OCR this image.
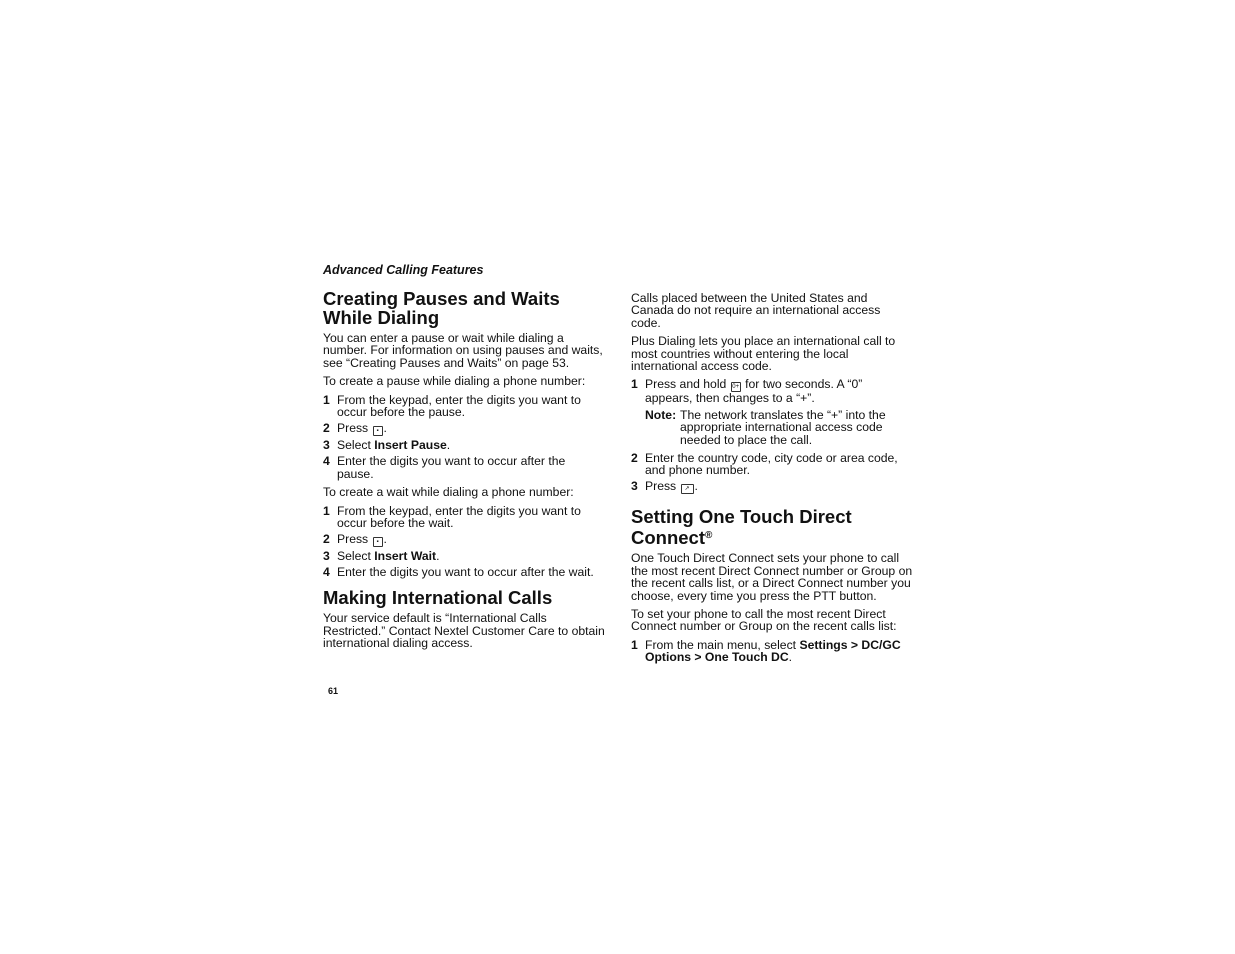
Advanced Calling Features
Creating Pauses and Waits While Dialing

You can enter a pause or wait while dialing a number. For information on using pauses and waits, see “Creating Pauses and Waits” on page 53.

To create a pause while dialing a phone number:

1 From the keypad, enter the digits you want to occur before the pause.
2 Press ▪ .
3 Select Insert Pause.
4 Enter the digits you want to occur after the pause.

To create a wait while dialing a phone number:

1 From the keypad, enter the digits you want to occur before the wait.
2 Press ▪ .
3 Select Insert Wait.
4 Enter the digits you want to occur after the wait.
Making International Calls

Your service default is “International Calls Restricted.” Contact Nextel Customer Care to obtain international dialing access.

Calls placed between the United States and Canada do not require an international access code.

Plus Dialing lets you place an international call to most countries without entering the local international access code.

1 Press and hold 0+ for two seconds. A “0” appears, then changes to a “+”.
Note: The network translates the “+” into the appropriate international access code needed to place the call.
2 Enter the country code, city code or area code, and phone number.
3 Press ↗ .
Setting One Touch Direct Connect®

One Touch Direct Connect sets your phone to call the most recent Direct Connect number or Group on the recent calls list, or a Direct Connect number you choose, every time you press the PTT button.

To set your phone to call the most recent Direct Connect number or Group on the recent calls list:

1 From the main menu, select Settings > DC/GC Options > One Touch DC.
61
